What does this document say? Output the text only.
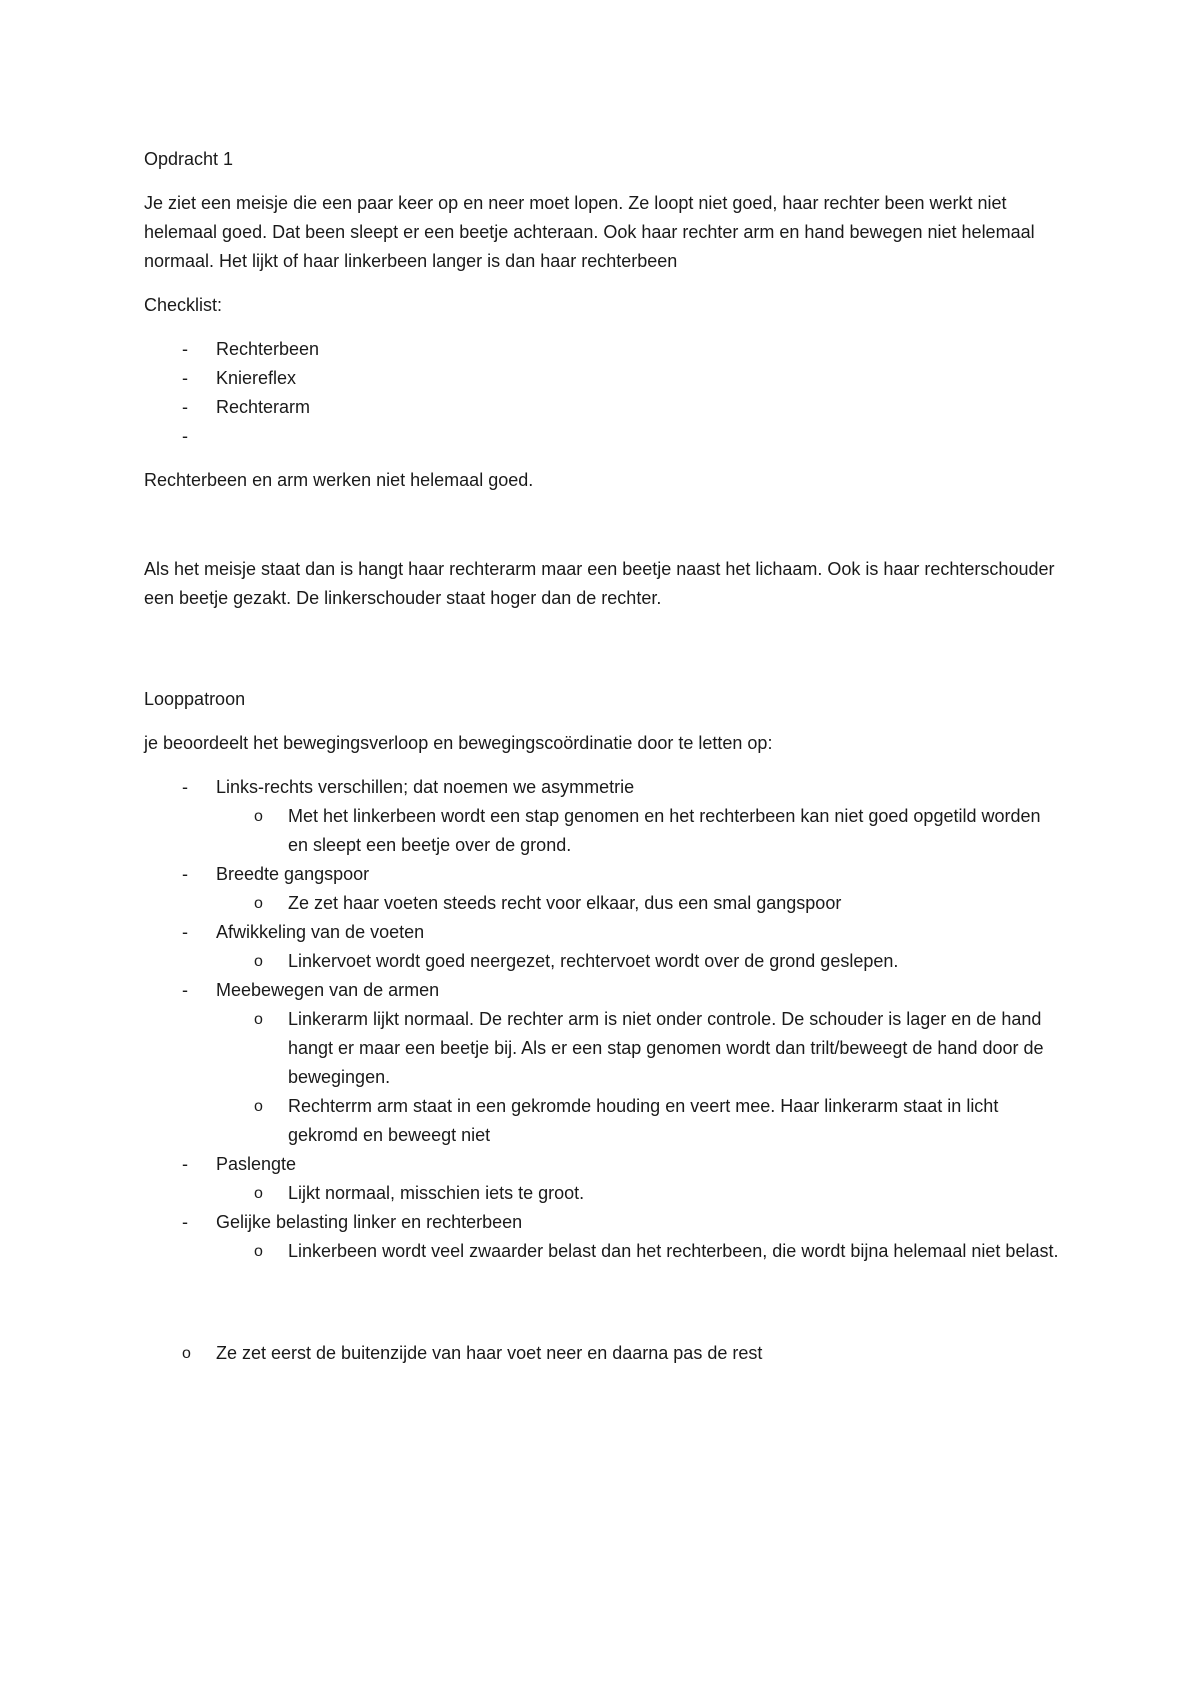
Opdracht 1

Je ziet een meisje die een paar keer op en neer moet lopen. Ze loopt niet goed, haar rechter been werkt niet helemaal goed. Dat been sleept er een beetje achteraan. Ook haar rechter arm en hand bewegen niet helemaal normaal. Het lijkt of haar linkerbeen langer is dan haar rechterbeen

Checklist:

- Rechterbeen
- Kniereflex
- Rechterarm
-

Rechterbeen en arm werken niet helemaal goed.

Als het meisje staat dan is hangt haar rechterarm maar een beetje naast het lichaam. Ook is haar rechterschouder een beetje gezakt. De linkerschouder staat hoger dan de rechter.

Looppatroon

je beoordeelt het bewegingsverloop en bewegingscoördinatie door te letten op:

- Links-rechts verschillen; dat noemen we asymmetrie
o Met het linkerbeen wordt een stap genomen en het rechterbeen kan niet goed opgetild worden en sleept een beetje over de grond.
- Breedte gangspoor
o Ze zet haar voeten steeds recht voor elkaar, dus een smal gangspoor
- Afwikkeling van de voeten
o Linkervoet wordt goed neergezet, rechtervoet wordt over de grond geslepen.
- Meebewegen van de armen
o Linkerarm lijkt normaal. De rechter arm is niet onder controle. De schouder is lager en de hand hangt er maar een beetje bij. Als er een stap genomen wordt dan trilt/beweegt de hand door de bewegingen.
o Rechterrm arm staat in een gekromde houding en veert mee. Haar linkerarm staat in licht gekromd en beweegt niet
- Paslengte
o Lijkt normaal, misschien iets te groot.
- Gelijke belasting linker en rechterbeen
o Linkerbeen wordt veel zwaarder belast dan het rechterbeen, die wordt bijna helemaal niet belast.
o Ze zet eerst de buitenzijde van haar voet neer en daarna pas de rest
